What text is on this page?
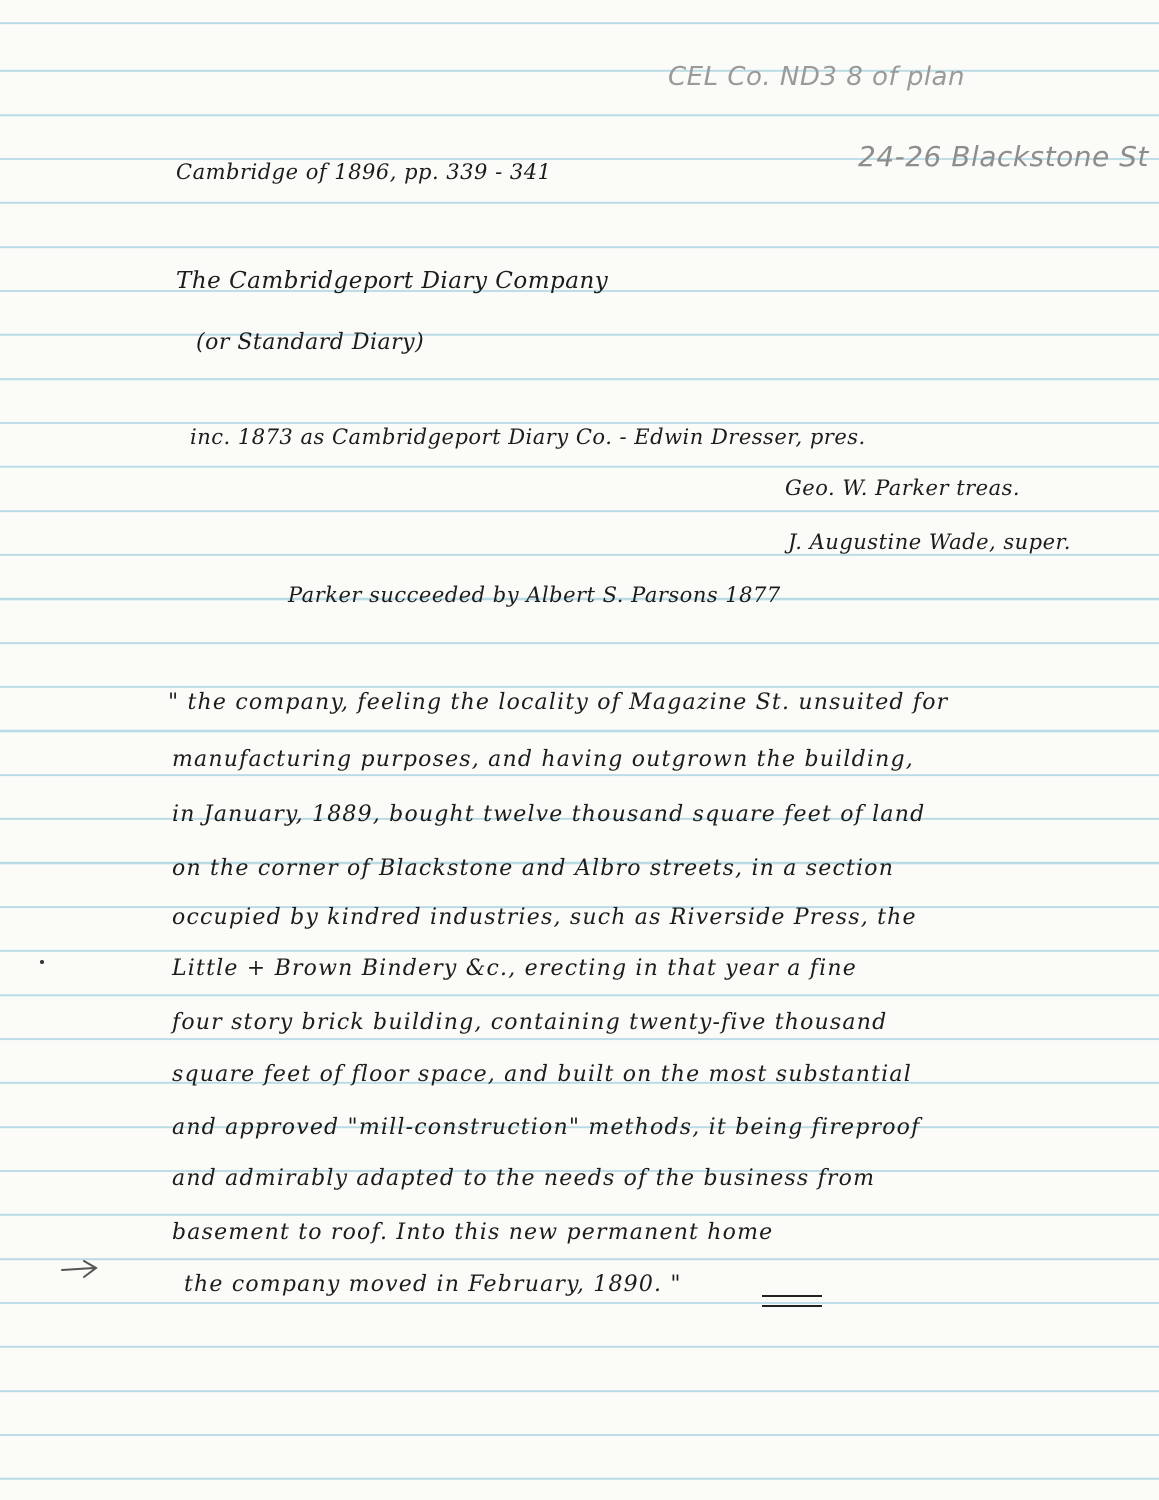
CEL Co. ND3 8 of plan
24-26 Blackstone St
Cambridge of 1896, pp. 339 - 341
The Cambridgeport Diary Company
(or Standard Diary)
inc. 1873 as Cambridgeport Diary Co. - Edwin Dresser, pres.
Geo. W. Parker treas.
J. Augustine Wade, super.
Parker succeeded by Albert S. Parsons 1877
" the company, feeling the locality of Magazine St. unsuited for
manufacturing purposes, and having outgrown the building,
in January, 1889, bought twelve thousand square feet of land
on the corner of Blackstone and Albro streets, in a section
occupied by kindred industries, such as Riverside Press, the
Little + Brown Bindery &c., erecting in that year a fine
four story brick building, containing twenty-five thousand
square feet of floor space, and built on the most substantial
and approved "mill-construction" methods, it being fireproof
and admirably adapted to the needs of the business from
basement to roof. Into this new permanent home
the company moved in February, 1890. "
